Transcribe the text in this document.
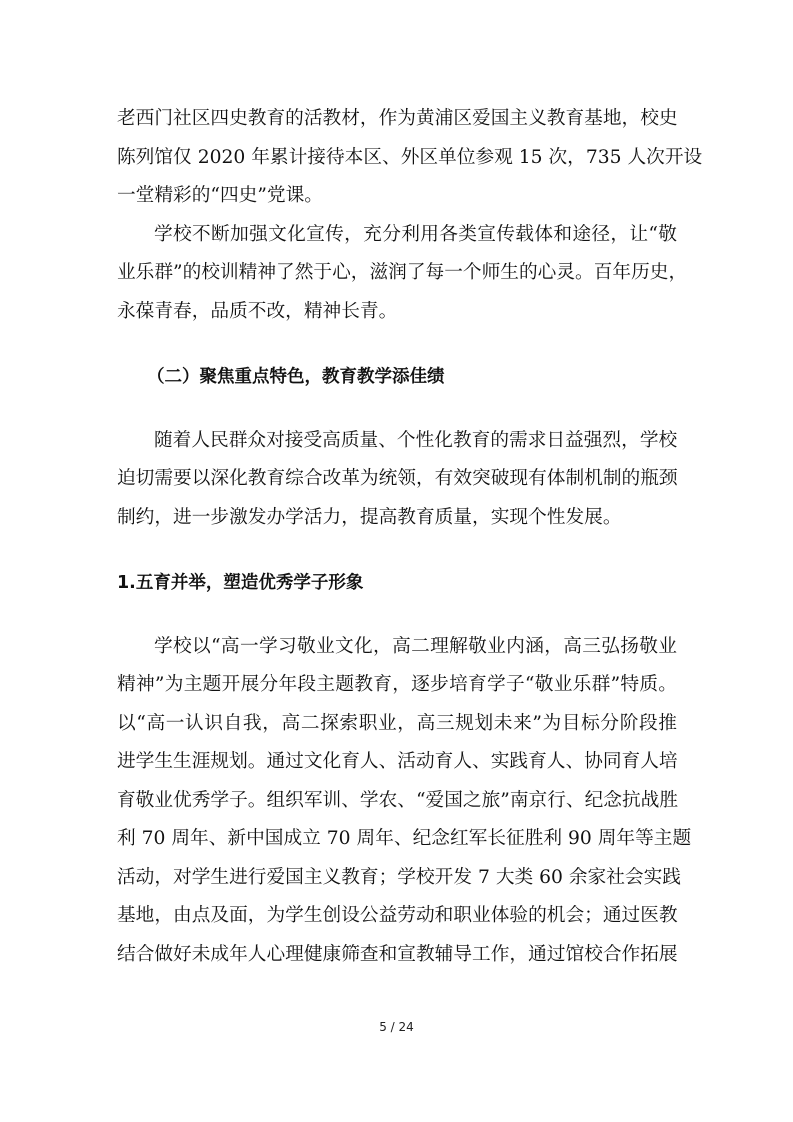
老西门社区四史教育的活教材，作为黄浦区爱国主义教育基地，校史
陈列馆仅 2020 年累计接待本区、外区单位参观 15 次，735 人次开设
一堂精彩的“四史”党课。
学校不断加强文化宣传，充分利用各类宣传载体和途径，让“敬
业乐群”的校训精神了然于心，滋润了每一个师生的心灵。百年历史，
永葆青春，品质不改，精神长青。
（二）聚焦重点特色，教育教学添佳绩
随着人民群众对接受高质量、个性化教育的需求日益强烈，学校
迫切需要以深化教育综合改革为统领，有效突破现有体制机制的瓶颈
制约，进一步激发办学活力，提高教育质量，实现个性发展。
1.五育并举，塑造优秀学子形象
学校以“高一学习敬业文化，高二理解敬业内涵，高三弘扬敬业
精神”为主题开展分年段主题教育，逐步培育学子“敬业乐群”特质。
以“高一认识自我，高二探索职业，高三规划未来”为目标分阶段推
进学生生涯规划。通过文化育人、活动育人、实践育人、协同育人培
育敬业优秀学子。组织军训、学农、“爱国之旅”南京行、纪念抗战胜
利 70 周年、新中国成立 70 周年、纪念红军长征胜利 90 周年等主题
活动，对学生进行爱国主义教育；学校开发 7 大类 60 余家社会实践
基地，由点及面，为学生创设公益劳动和职业体验的机会；通过医教
结合做好未成年人心理健康筛查和宣教辅导工作，通过馆校合作拓展
5 / 24
